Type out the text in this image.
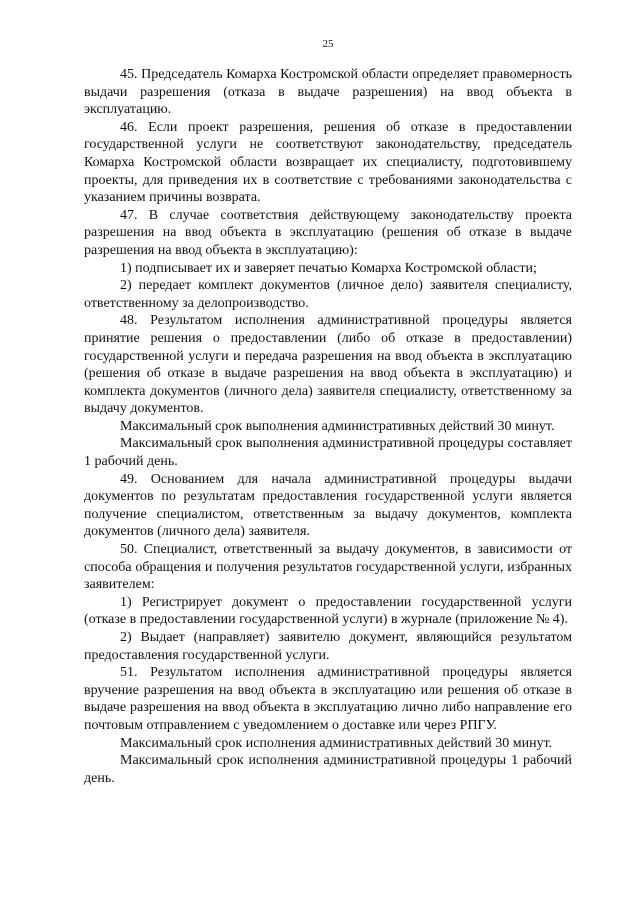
25

45. Председатель Комарха Костромской области определяет правомерность выдачи разрешения (отказа в выдаче разрешения) на ввод объекта в эксплуатацию.

46. Если проект разрешения, решения об отказе в предоставлении государственной услуги не соответствуют законодательству, председатель Комарха Костромской области возвращает их специалисту, подготовившему проекты, для приведения их в соответствие с требованиями законодательства с указанием причины возврата.

47. В случае соответствия действующему законодательству проекта разрешения на ввод объекта в эксплуатацию (решения об отказе в выдаче разрешения на ввод объекта в эксплуатацию):

1) подписывает их и заверяет печатью Комарха Костромской области;

2) передает комплект документов (личное дело) заявителя специалисту, ответственному за делопроизводство.

48. Результатом исполнения административной процедуры является принятие решения о предоставлении (либо об отказе в предоставлении) государственной услуги и передача разрешения на ввод объекта в эксплуатацию (решения об отказе в выдаче разрешения на ввод объекта в эксплуатацию) и комплекта документов (личного дела) заявителя специалисту, ответственному за выдачу документов.

Максимальный срок выполнения административных действий 30 минут.

Максимальный срок выполнения административной процедуры составляет 1 рабочий день.

49. Основанием для начала административной процедуры выдачи документов по результатам предоставления государственной услуги является получение специалистом, ответственным за выдачу документов, комплекта документов (личного дела) заявителя.

50. Специалист, ответственный за выдачу документов, в зависимости от способа обращения и получения результатов государственной услуги, избранных заявителем:

1) Регистрирует документ о предоставлении государственной услуги (отказе в предоставлении государственной услуги) в журнале (приложение № 4).

2) Выдает (направляет) заявителю документ, являющийся результатом предоставления государственной услуги.

51. Результатом исполнения административной процедуры является вручение разрешения на ввод объекта в эксплуатацию или решения об отказе в выдаче разрешения на ввод объекта в эксплуатацию лично либо направление его почтовым отправлением с уведомлением о доставке или через РПГУ.

Максимальный срок исполнения административных действий 30 минут.

Максимальный срок исполнения административной процедуры 1 рабочий день.
